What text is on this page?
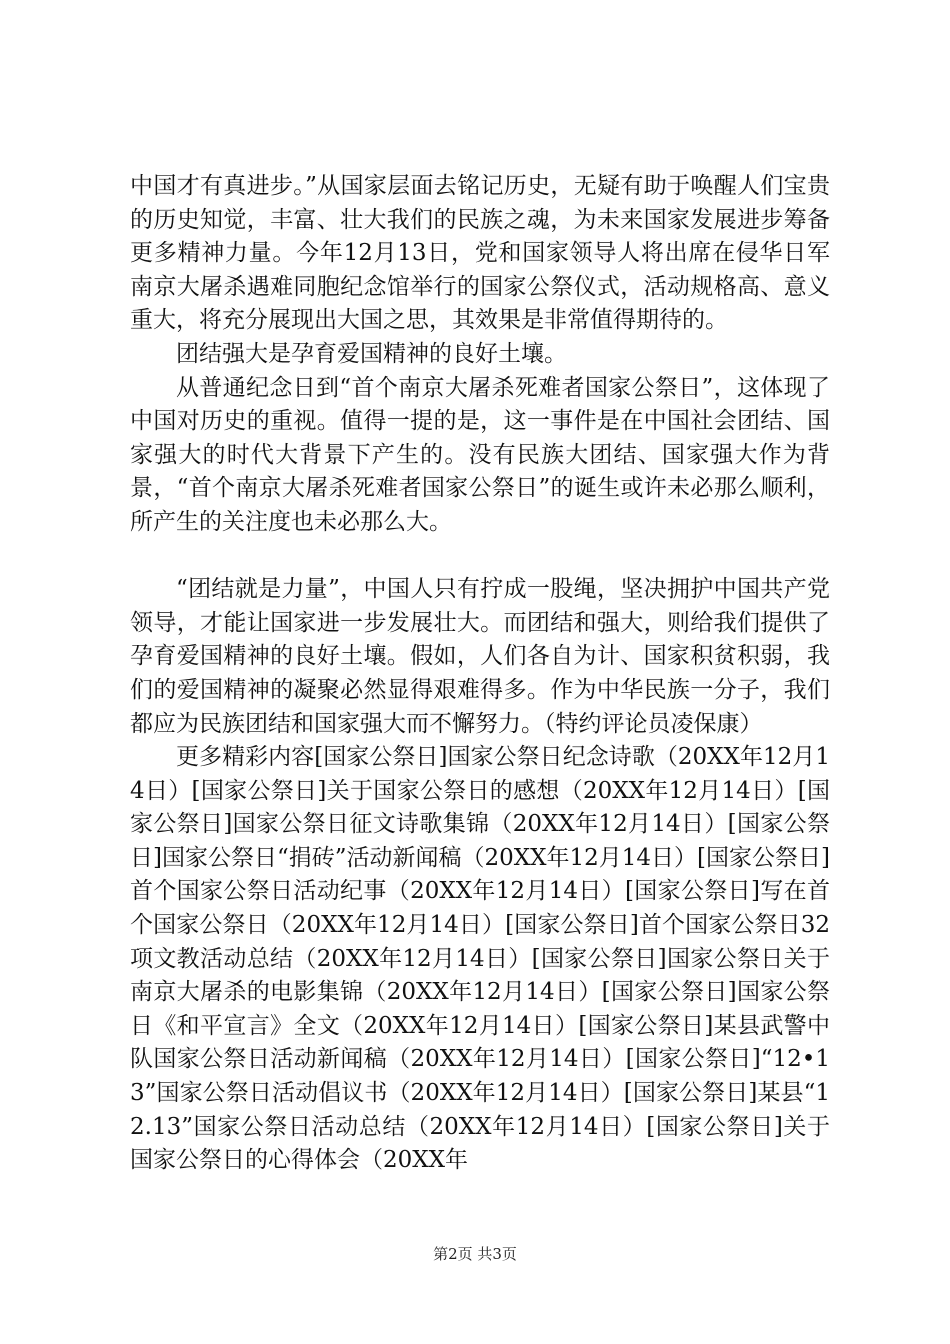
中国才有真进步。”从国家层面去铭记历史，无疑有助于唤醒人们宝贵的历史知觉，丰富、壮大我们的民族之魂，为未来国家发展进步筹备更多精神力量。今年12月13日，党和国家领导人将出席在侵华日军南京大屠杀遇难同胞纪念馆举行的国家公祭仪式，活动规格高、意义重大，将充分展现出大国之思，其效果是非常值得期待的。

团结强大是孕育爱国精神的良好土壤。

从普通纪念日到“首个南京大屠杀死难者国家公祭日”，这体现了中国对历史的重视。值得一提的是，这一事件是在中国社会团结、国家强大的时代大背景下产生的。没有民族大团结、国家强大作为背景，“首个南京大屠杀死难者国家公祭日”的诞生或许未必那么顺利，所产生的关注度也未必那么大。

“团结就是力量”，中国人只有拧成一股绳，坚决拥护中国共产党领导，才能让国家进一步发展壮大。而团结和强大，则给我们提供了孕育爱国精神的良好土壤。假如，人们各自为计、国家积贫积弱，我们的爱国精神的凝聚必然显得艰难得多。作为中华民族一分子，我们都应为民族团结和国家强大而不懈努力。（特约评论员凌保康）

更多精彩内容[国家公祭日]国家公祭日纪念诗歌（20XX年12月14日）[国家公祭日]关于国家公祭日的感想（20XX年12月14日）[国家公祭日]国家公祭日征文诗歌集锦（20XX年12月14日）[国家公祭日]国家公祭日“捐砖”活动新闻稿（20XX年12月14日）[国家公祭日]首个国家公祭日活动纪事（20XX年12月14日）[国家公祭日]写在首个国家公祭日（20XX年12月14日）[国家公祭日]首个国家公祭日32项文教活动总结（20XX年12月14日）[国家公祭日]国家公祭日关于南京大屠杀的电影集锦（20XX年12月14日）[国家公祭日]国家公祭日《和平宣言》全文（20XX年12月14日）[国家公祭日]某县武警中队国家公祭日活动新闻稿（20XX年12月14日）[国家公祭日]“12•13”国家公祭日活动倡议书（20XX年12月14日）[国家公祭日]某县“12.13”国家公祭日活动总结（20XX年12月14日）[国家公祭日]关于国家公祭日的心得体会（20XX年

第2页 共3页
